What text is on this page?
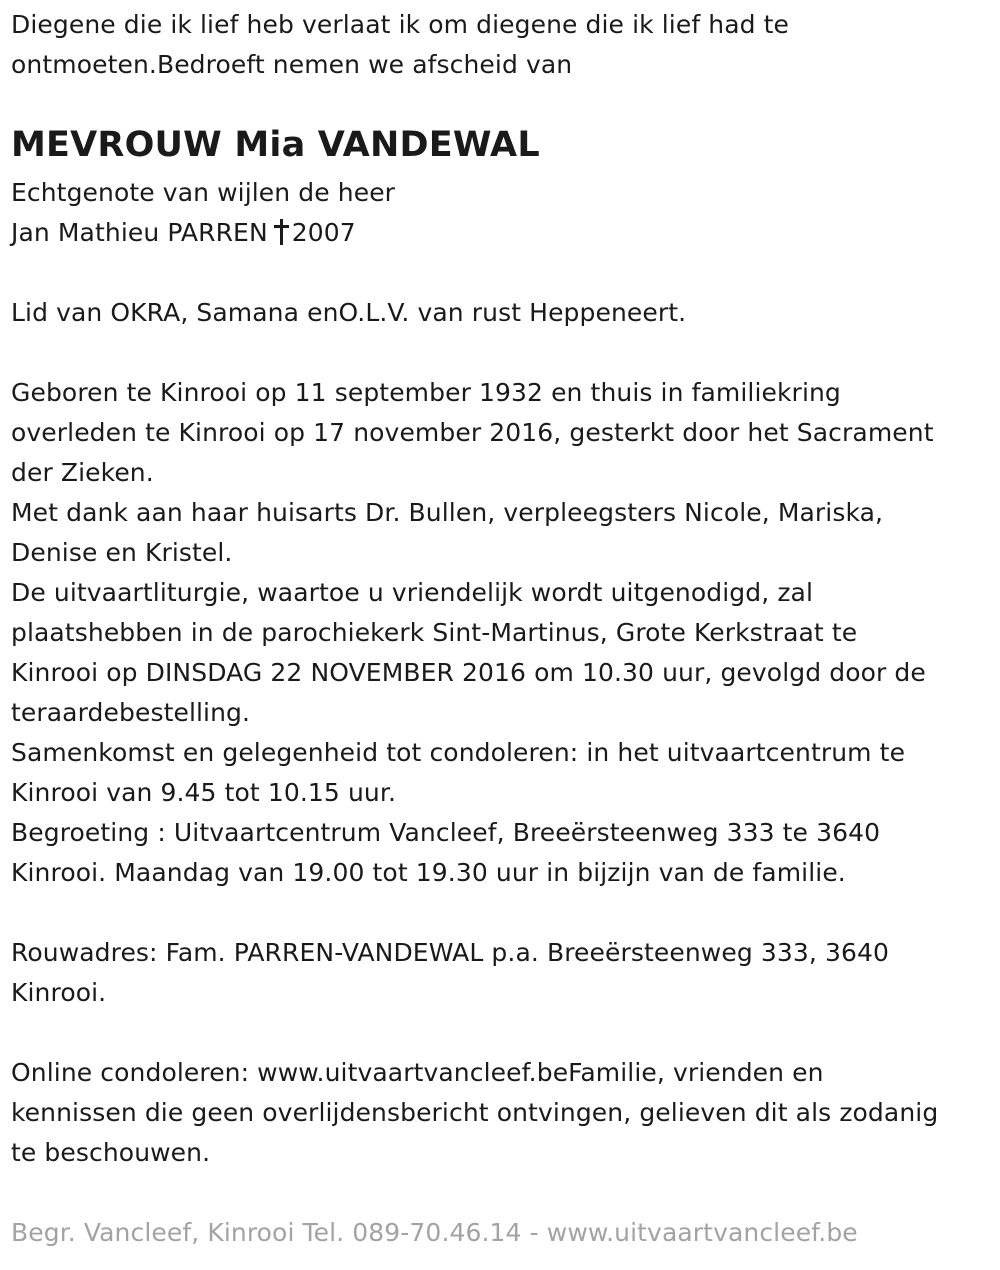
Diegene die ik lief heb verlaat ik om diegene die ik lief had te
ontmoeten.Bedroeft nemen we afscheid van
MEVROUW Mia VANDEWAL
Echtgenote van wijlen de heer
Jan Mathieu PARREN 2007
Lid van OKRA, Samana enO.L.V. van rust Heppeneert.
Geboren te Kinrooi op 11 september 1932 en thuis in familiekring
overleden te Kinrooi op 17 november 2016, gesterkt door het Sacrament
der Zieken.
Met dank aan haar huisarts Dr. Bullen, verpleegsters Nicole, Mariska,
Denise en Kristel.
De uitvaartliturgie, waartoe u vriendelijk wordt uitgenodigd, zal
plaatshebben in de parochiekerk Sint-Martinus, Grote Kerkstraat te
Kinrooi op DINSDAG 22 NOVEMBER 2016 om 10.30 uur, gevolgd door de
teraardebestelling.
Samenkomst en gelegenheid tot condoleren: in het uitvaartcentrum te
Kinrooi van 9.45 tot 10.15 uur.
Begroeting : Uitvaartcentrum Vancleef, Breeërsteenweg 333 te 3640
Kinrooi. Maandag van 19.00 tot 19.30 uur in bijzijn van de familie.
Rouwadres: Fam. PARREN-VANDEWAL p.a. Breeërsteenweg 333, 3640
Kinrooi.
Online condoleren: www.uitvaartvancleef.beFamilie, vrienden en
kennissen die geen overlijdensbericht ontvingen, gelieven dit als zodanig
te beschouwen.
Begr. Vancleef, Kinrooi Tel. 089-70.46.14 - www.uitvaartvancleef.be
